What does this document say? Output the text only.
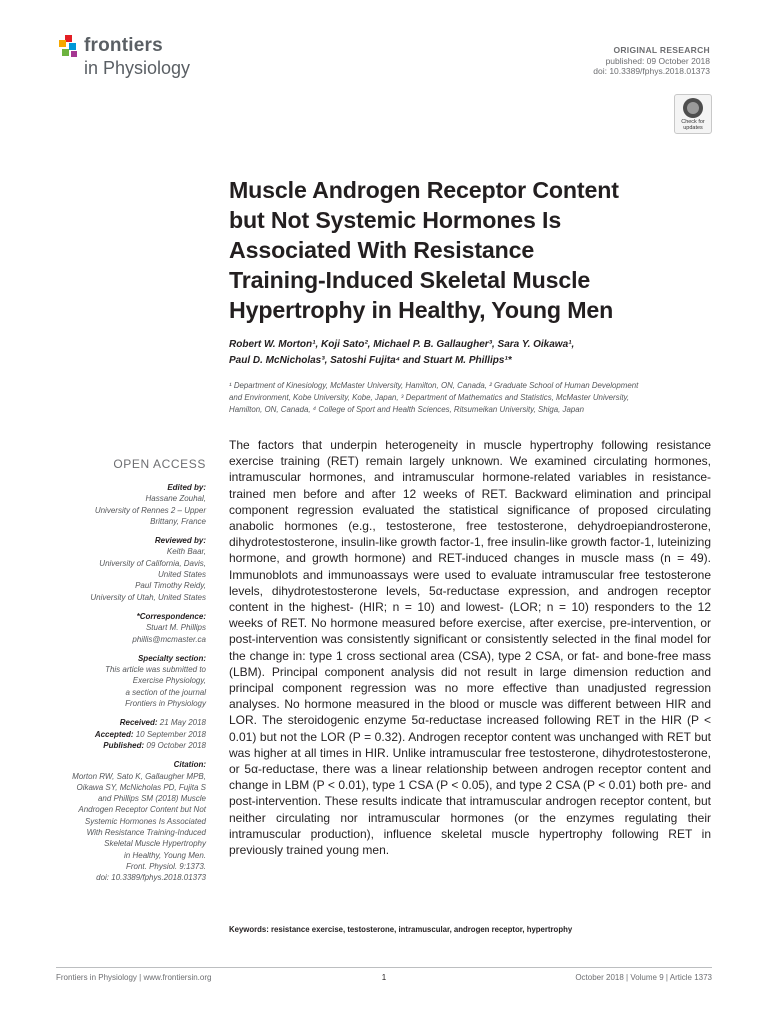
frontiers
in Physiology
ORIGINAL RESEARCH
published: 09 October 2018
doi: 10.3389/fphys.2018.01373
Check for updates
Muscle Androgen Receptor Content
but Not Systemic Hormones Is
Associated With Resistance
Training-Induced Skeletal Muscle
Hypertrophy in Healthy, Young Men
Robert W. Morton¹, Koji Sato², Michael P. B. Gallaugher³, Sara Y. Oikawa¹,
Paul D. McNicholas³, Satoshi Fujita⁴ and Stuart M. Phillips¹*
¹ Department of Kinesiology, McMaster University, Hamilton, ON, Canada, ² Graduate School of Human Development
and Environment, Kobe University, Kobe, Japan, ³ Department of Mathematics and Statistics, McMaster University,
Hamilton, ON, Canada, ⁴ College of Sport and Health Sciences, Ritsumeikan University, Shiga, Japan
OPEN ACCESS
Edited by:
Hassane Zouhal,
University of Rennes 2 – Upper
Brittany, France
Reviewed by:
Keith Baar,
University of California, Davis,
United States
Paul Timothy Reidy,
University of Utah, United States
*Correspondence:
Stuart M. Phillips
phillis@mcmaster.ca
Specialty section:
This article was submitted to
Exercise Physiology,
a section of the journal
Frontiers in Physiology
Received: 21 May 2018
Accepted: 10 September 2018
Published: 09 October 2018
Citation:
Morton RW, Sato K, Gallaugher MPB,
Oikawa SY, McNicholas PD, Fujita S
and Phillips SM (2018) Muscle
Androgen Receptor Content but Not
Systemic Hormones Is Associated
With Resistance Training-Induced
Skeletal Muscle Hypertrophy
in Healthy, Young Men.
Front. Physiol. 9:1373.
doi: 10.3389/fphys.2018.01373
The factors that underpin heterogeneity in muscle hypertrophy following resistance exercise training (RET) remain largely unknown. We examined circulating hormones, intramuscular hormones, and intramuscular hormone-related variables in resistance-trained men before and after 12 weeks of RET. Backward elimination and principal component regression evaluated the statistical significance of proposed circulating anabolic hormones (e.g., testosterone, free testosterone, dehydroepiandrosterone, dihydrotestosterone, insulin-like growth factor-1, free insulin-like growth factor-1, luteinizing hormone, and growth hormone) and RET-induced changes in muscle mass (n = 49). Immunoblots and immunoassays were used to evaluate intramuscular free testosterone levels, dihydrotestosterone levels, 5α-reductase expression, and androgen receptor content in the highest- (HIR; n = 10) and lowest- (LOR; n = 10) responders to the 12 weeks of RET. No hormone measured before exercise, after exercise, pre-intervention, or post-intervention was consistently significant or consistently selected in the final model for the change in: type 1 cross sectional area (CSA), type 2 CSA, or fat- and bone-free mass (LBM). Principal component analysis did not result in large dimension reduction and principal component regression was no more effective than unadjusted regression analyses. No hormone measured in the blood or muscle was different between HIR and LOR. The steroidogenic enzyme 5α-reductase increased following RET in the HIR (P < 0.01) but not the LOR (P = 0.32). Androgen receptor content was unchanged with RET but was higher at all times in HIR. Unlike intramuscular free testosterone, dihydrotestosterone, or 5α-reductase, there was a linear relationship between androgen receptor content and change in LBM (P < 0.01), type 1 CSA (P < 0.05), and type 2 CSA (P < 0.01) both pre- and post-intervention. These results indicate that intramuscular androgen receptor content, but neither circulating nor intramuscular hormones (or the enzymes regulating their intramuscular production), influence skeletal muscle hypertrophy following RET in previously trained young men.
Keywords: resistance exercise, testosterone, intramuscular, androgen receptor, hypertrophy
Frontiers in Physiology | www.frontiersin.org	1	October 2018 | Volume 9 | Article 1373
